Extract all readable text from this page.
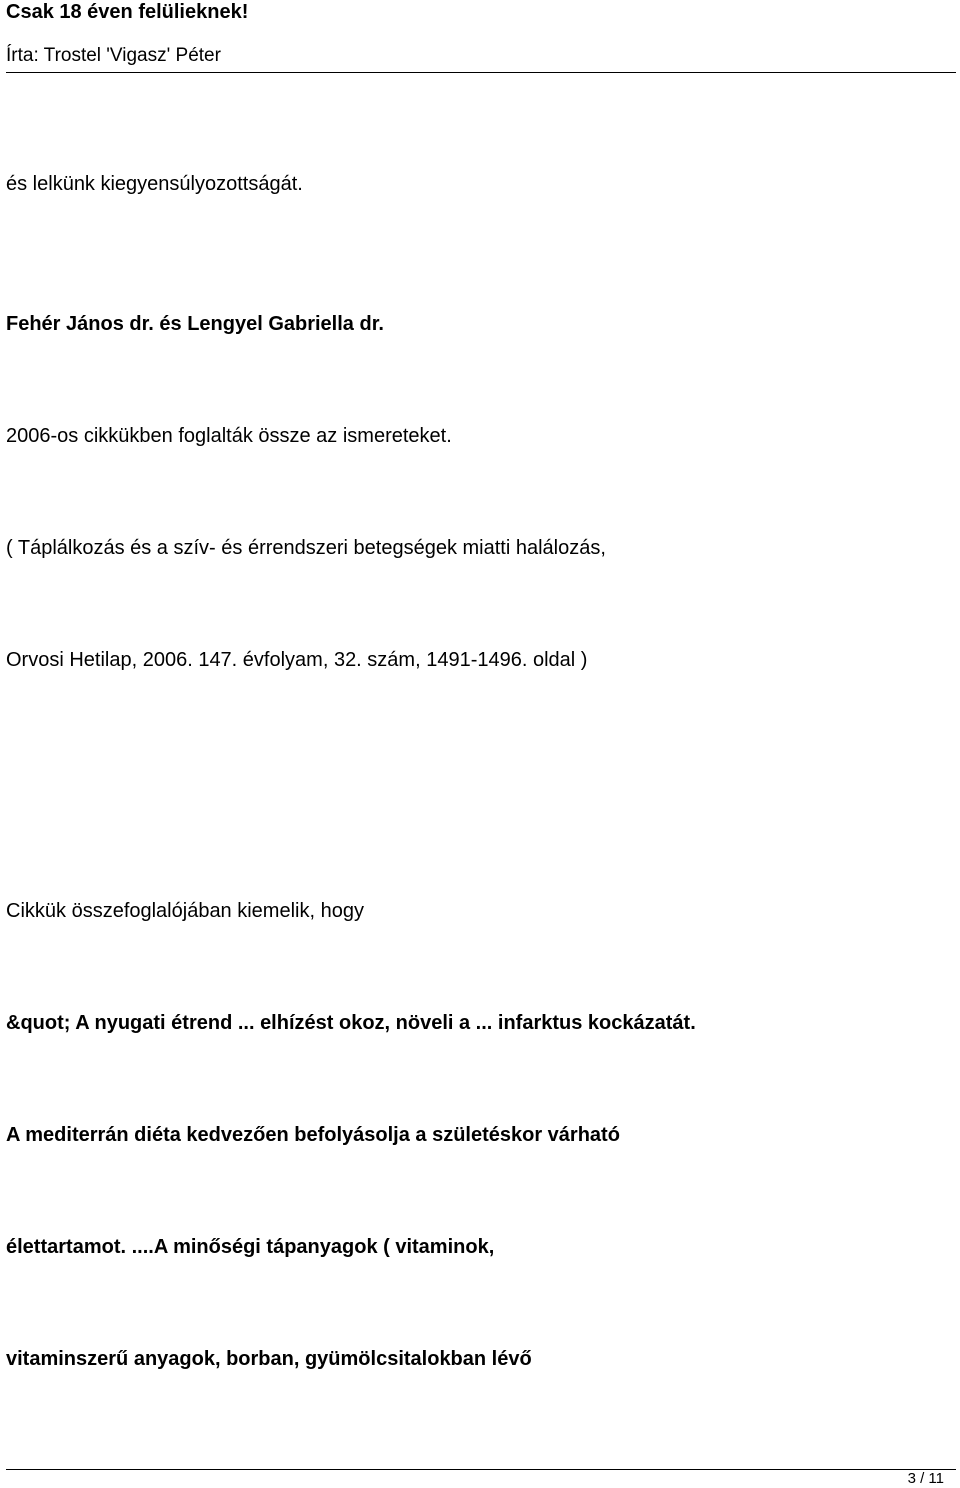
Csak 18 éven felülieknek!
Írta: Trostel 'Vigasz' Péter
és lelkünk kiegyensúlyozottságát.
Fehér János dr. és Lengyel Gabriella dr.
2006-os cikkükben foglalták össze az ismereteket.
( Táplálkozás és a szív- és érrendszeri betegségek miatti halálozás,
Orvosi Hetilap, 2006. 147. évfolyam, 32. szám, 1491-1496. oldal )
Cikkük összefoglalójában kiemelik, hogy
&quot; A nyugati étrend ... elhízést okoz, növeli a ... infarktus kockázatát.
A mediterrán diéta kedvezően befolyásolja a születéskor várható
élettartamot. ....A minőségi tápanyagok ( vitaminok,
vitaminszerű anyagok, borban, gyümölcsitalokban lévő
3 / 11
